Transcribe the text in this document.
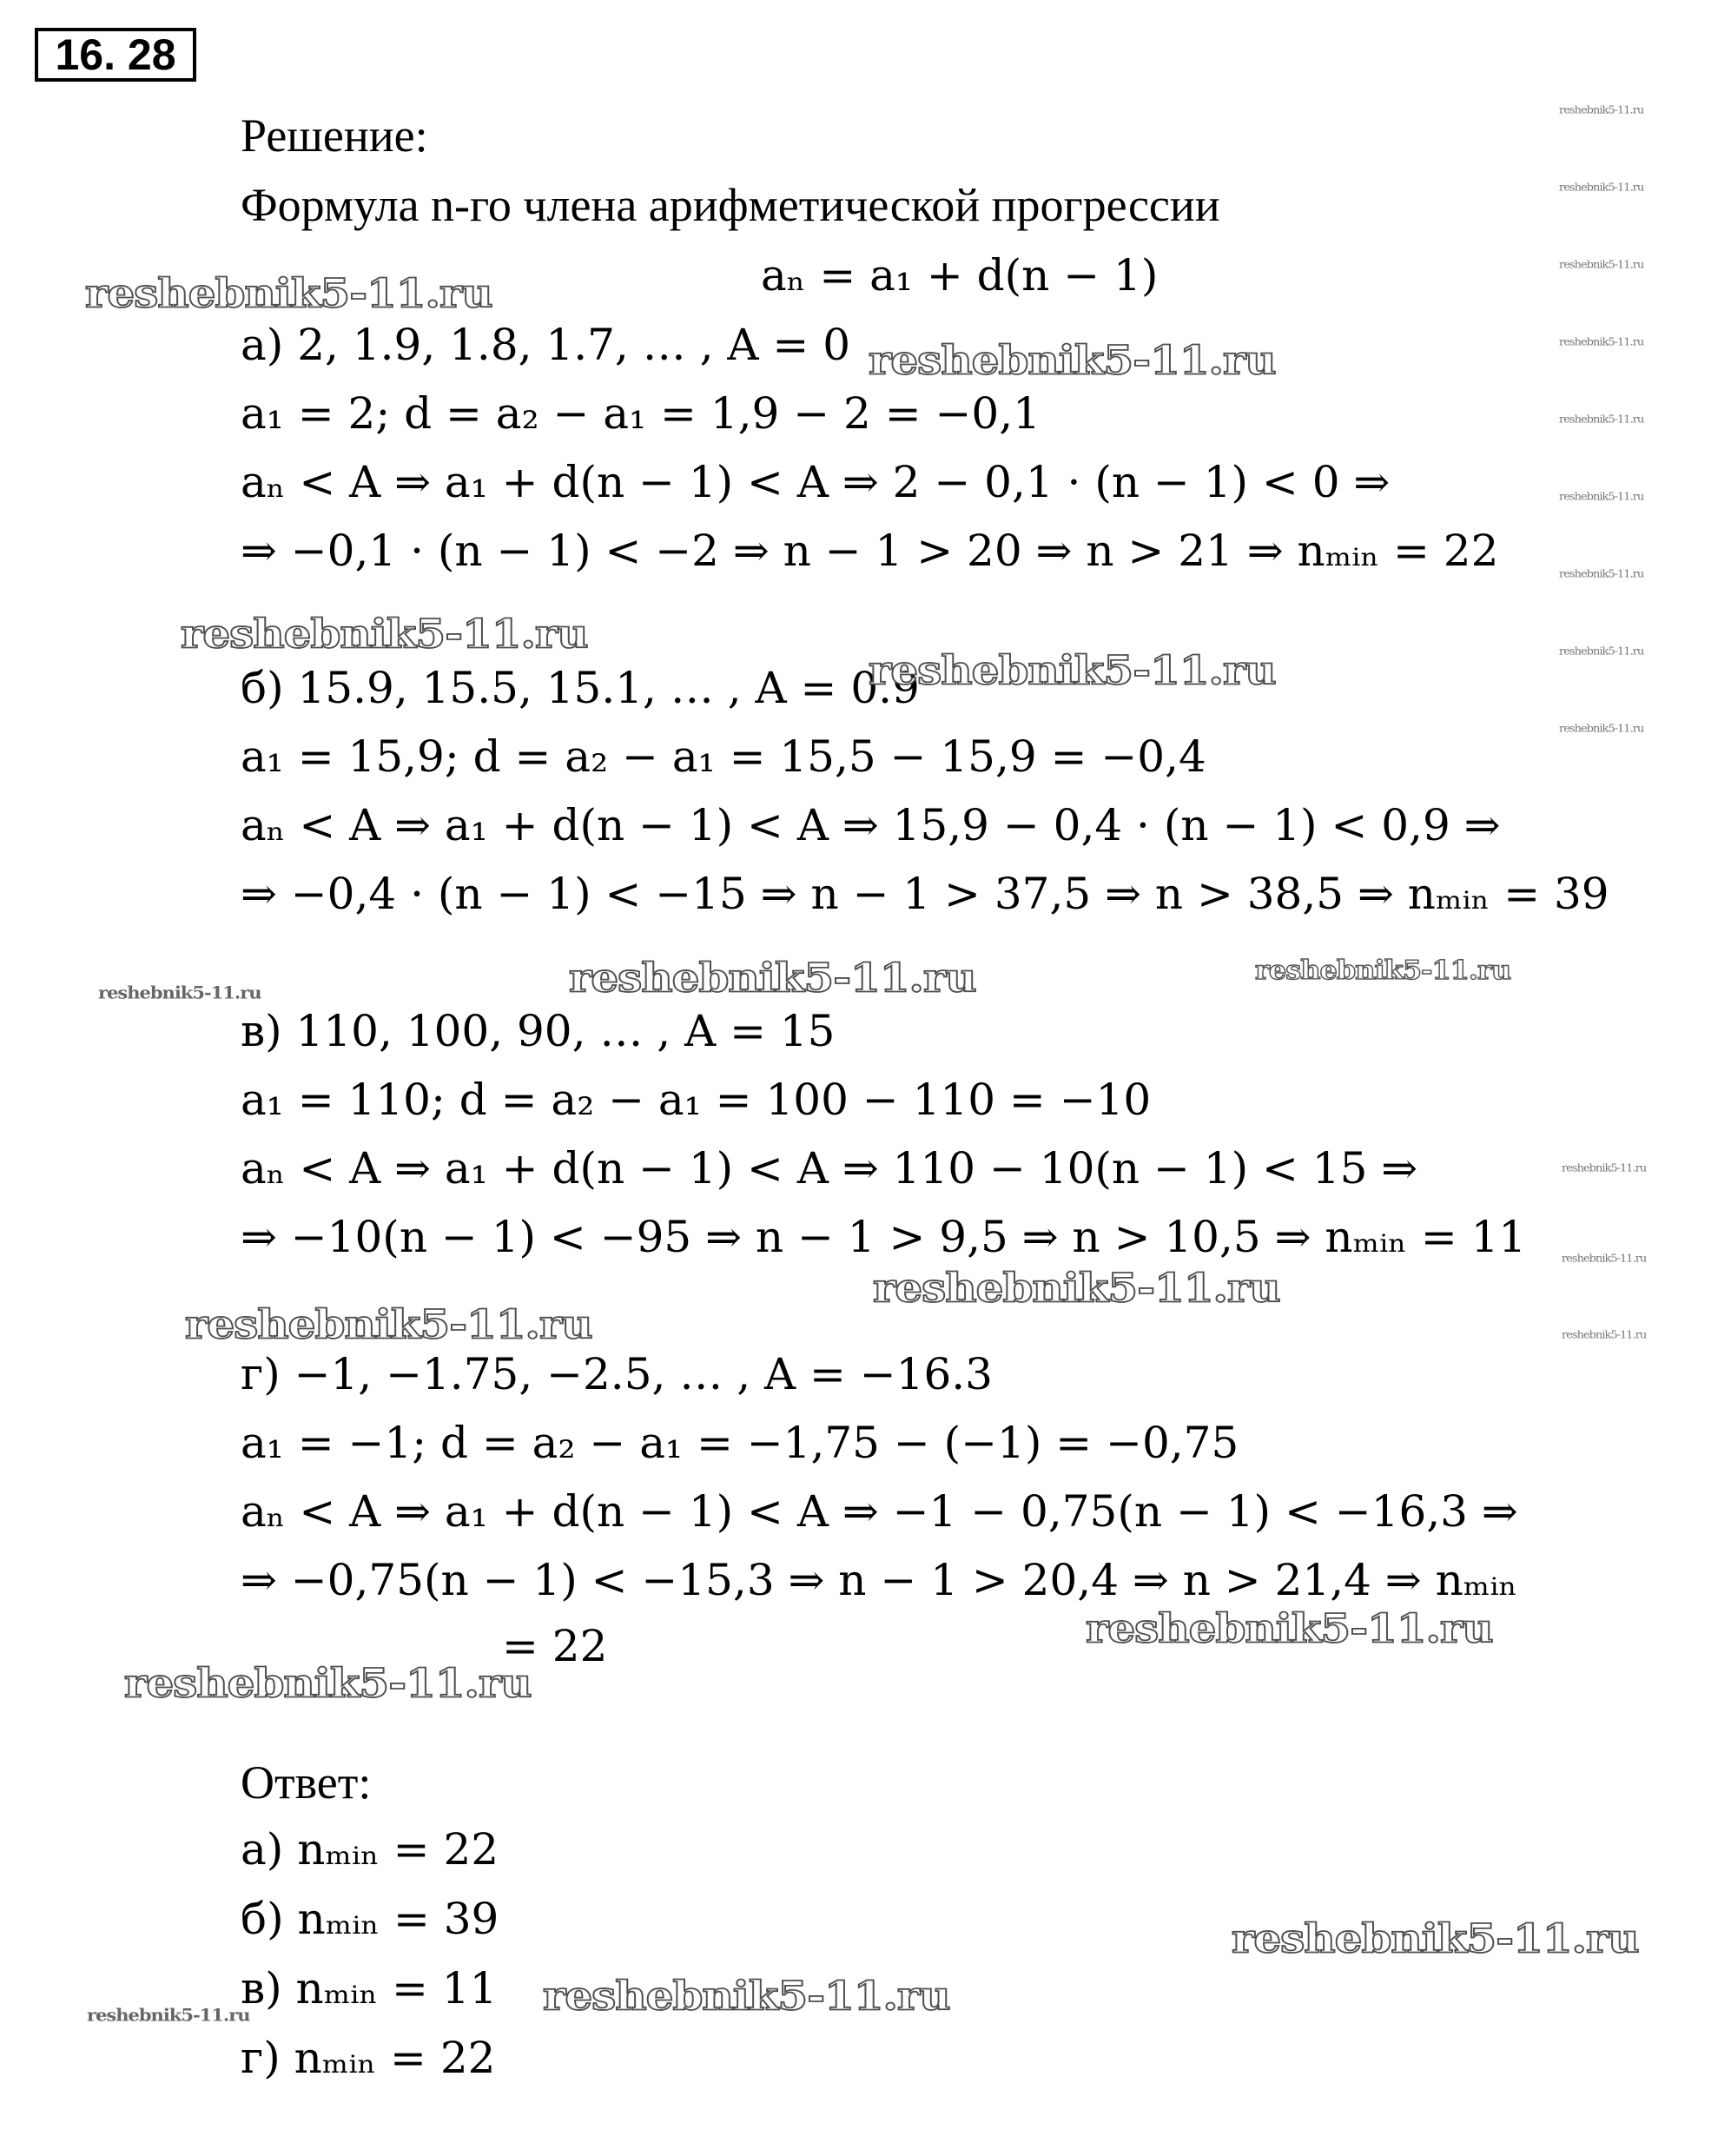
16. 28
Решение:
Формула n-го члена арифметической прогрессии
aₙ = a₁ + d(n − 1)
а) 2, 1.9, 1.8, 1.7, … , A = 0
a₁ = 2; d = a₂ − a₁ = 1,9 − 2 = −0,1
aₙ < A ⇒ a₁ + d(n − 1) < A ⇒ 2 − 0,1 · (n − 1) < 0 ⇒
⇒ −0,1 · (n − 1) < −2 ⇒ n − 1 > 20 ⇒ n > 21 ⇒ nₘᵢₙ = 22
б) 15.9, 15.5, 15.1, … , A = 0.9
a₁ = 15,9; d = a₂ − a₁ = 15,5 − 15,9 = −0,4
aₙ < A ⇒ a₁ + d(n − 1) < A ⇒ 15,9 − 0,4 · (n − 1) < 0,9 ⇒
⇒ −0,4 · (n − 1) < −15 ⇒ n − 1 > 37,5 ⇒ n > 38,5 ⇒ nₘᵢₙ = 39
в) 110, 100, 90, … , A = 15
a₁ = 110; d = a₂ − a₁ = 100 − 110 = −10
aₙ < A ⇒ a₁ + d(n − 1) < A ⇒ 110 − 10(n − 1) < 15 ⇒
⇒ −10(n − 1) < −95 ⇒ n − 1 > 9,5 ⇒ n > 10,5 ⇒ nₘᵢₙ = 11
г) −1, −1.75, −2.5, … , A = −16.3
a₁ = −1; d = a₂ − a₁ = −1,75 − (−1) = −0,75
aₙ < A ⇒ a₁ + d(n − 1) < A ⇒ −1 − 0,75(n − 1) < −16,3 ⇒
⇒ −0,75(n − 1) < −15,3 ⇒ n − 1 > 20,4 ⇒ n > 21,4 ⇒ nₘᵢₙ
= 22
Ответ:
а) nₘᵢₙ = 22
б) nₘᵢₙ = 39
в) nₘᵢₙ = 11
г) nₘᵢₙ = 22
reshebnik5-11.ru
reshebnik5-11.ru
reshebnik5-11.ru
reshebnik5-11.ru
reshebnik5-11.ru	reshebnik5-11.ru
reshebnik5-11.ru
reshebnik5-11.ru
reshebnik5-11.ru
reshebnik5-11.ru
reshebnik5-11.ru
reshebnik5-11.ru
reshebnik5-11.ru
reshebnik5-11.ru
reshebnik5-11.ru
reshebnik5-11.ru
reshebnik5-11.ru
reshebnik5-11.ru
reshebnik5-11.ru
reshebnik5-11.ru
reshebnik5-11.ru
reshebnik5-11.ru
reshebnik5-11.ru
reshebnik5-11.ru
reshebnik5-11.ru
reshebnik5-11.ru
